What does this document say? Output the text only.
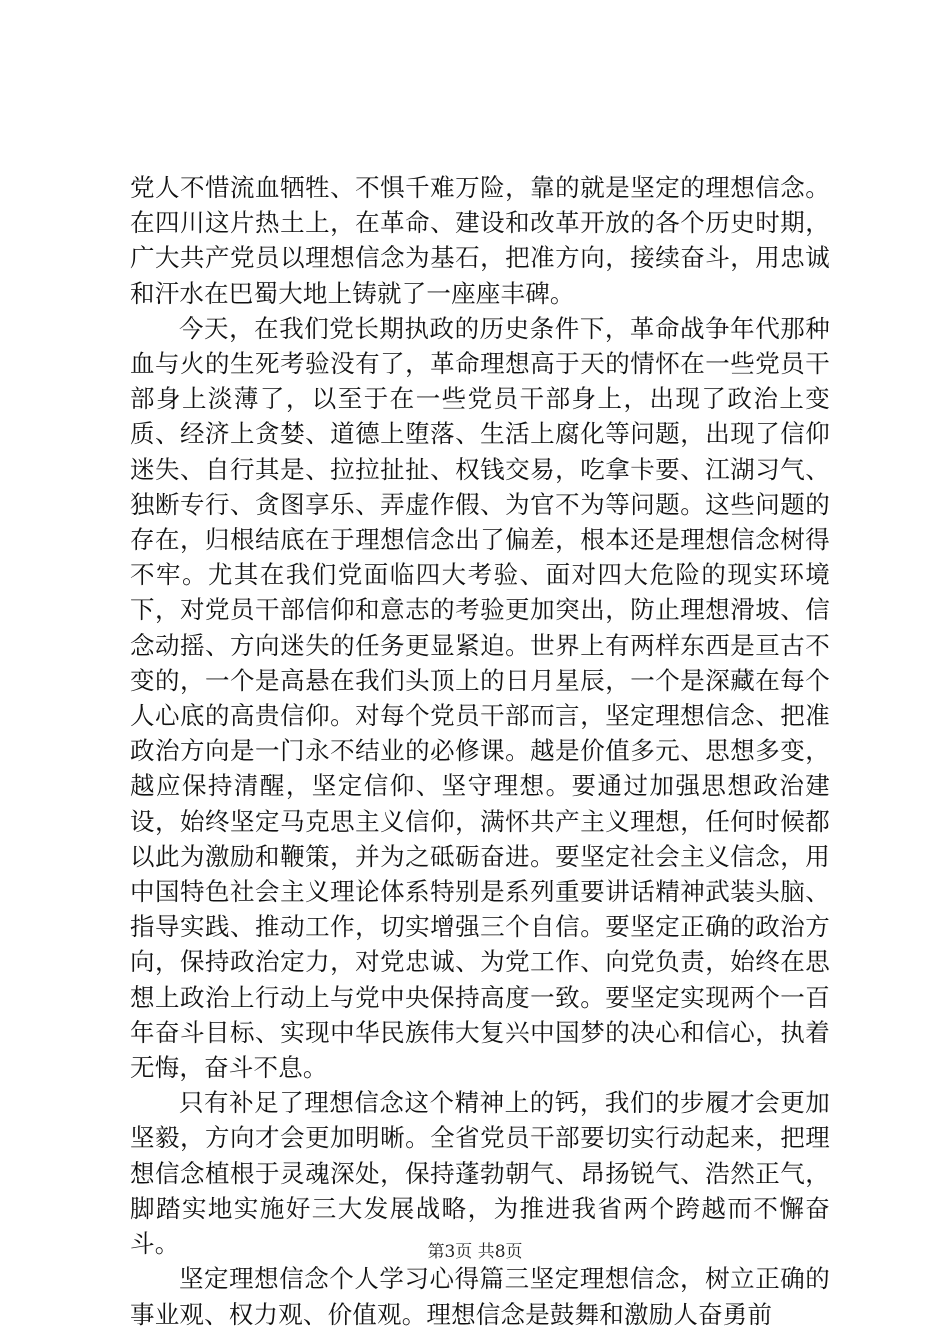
党人不惜流血牺牲、不惧千难万险，靠的就是坚定的理想信念。在四川这片热土上，在革命、建设和改革开放的各个历史时期，广大共产党员以理想信念为基石，把准方向，接续奋斗，用忠诚和汗水在巴蜀大地上铸就了一座座丰碑。

今天，在我们党长期执政的历史条件下，革命战争年代那种血与火的生死考验没有了，革命理想高于天的情怀在一些党员干部身上淡薄了，以至于在一些党员干部身上，出现了政治上变质、经济上贪婪、道德上堕落、生活上腐化等问题，出现了信仰迷失、自行其是、拉拉扯扯、权钱交易，吃拿卡要、江湖习气、独断专行、贪图享乐、弄虚作假、为官不为等问题。这些问题的存在，归根结底在于理想信念出了偏差，根本还是理想信念树得不牢。尤其在我们党面临四大考验、面对四大危险的现实环境下，对党员干部信仰和意志的考验更加突出，防止理想滑坡、信念动摇、方向迷失的任务更显紧迫。世界上有两样东西是亘古不变的，一个是高悬在我们头顶上的日月星辰，一个是深藏在每个人心底的高贵信仰。对每个党员干部而言，坚定理想信念、把准政治方向是一门永不结业的必修课。越是价值多元、思想多变，越应保持清醒，坚定信仰、坚守理想。要通过加强思想政治建设，始终坚定马克思主义信仰，满怀共产主义理想，任何时候都以此为激励和鞭策，并为之砥砺奋进。要坚定社会主义信念，用中国特色社会主义理论体系特别是系列重要讲话精神武装头脑、指导实践、推动工作，切实增强三个自信。要坚定正确的政治方向，保持政治定力，对党忠诚、为党工作、向党负责，始终在思想上政治上行动上与党中央保持高度一致。要坚定实现两个一百年奋斗目标、实现中华民族伟大复兴中国梦的决心和信心，执着无悔，奋斗不息。

只有补足了理想信念这个精神上的钙，我们的步履才会更加坚毅，方向才会更加明晰。全省党员干部要切实行动起来，把理想信念植根于灵魂深处，保持蓬勃朝气、昂扬锐气、浩然正气，脚踏实地实施好三大发展战略，为推进我省两个跨越而不懈奋斗。

坚定理想信念个人学习心得篇三坚定理想信念，树立正确的事业观、权力观、价值观。理想信念是鼓舞和激励人奋勇前

第3页 共8页
